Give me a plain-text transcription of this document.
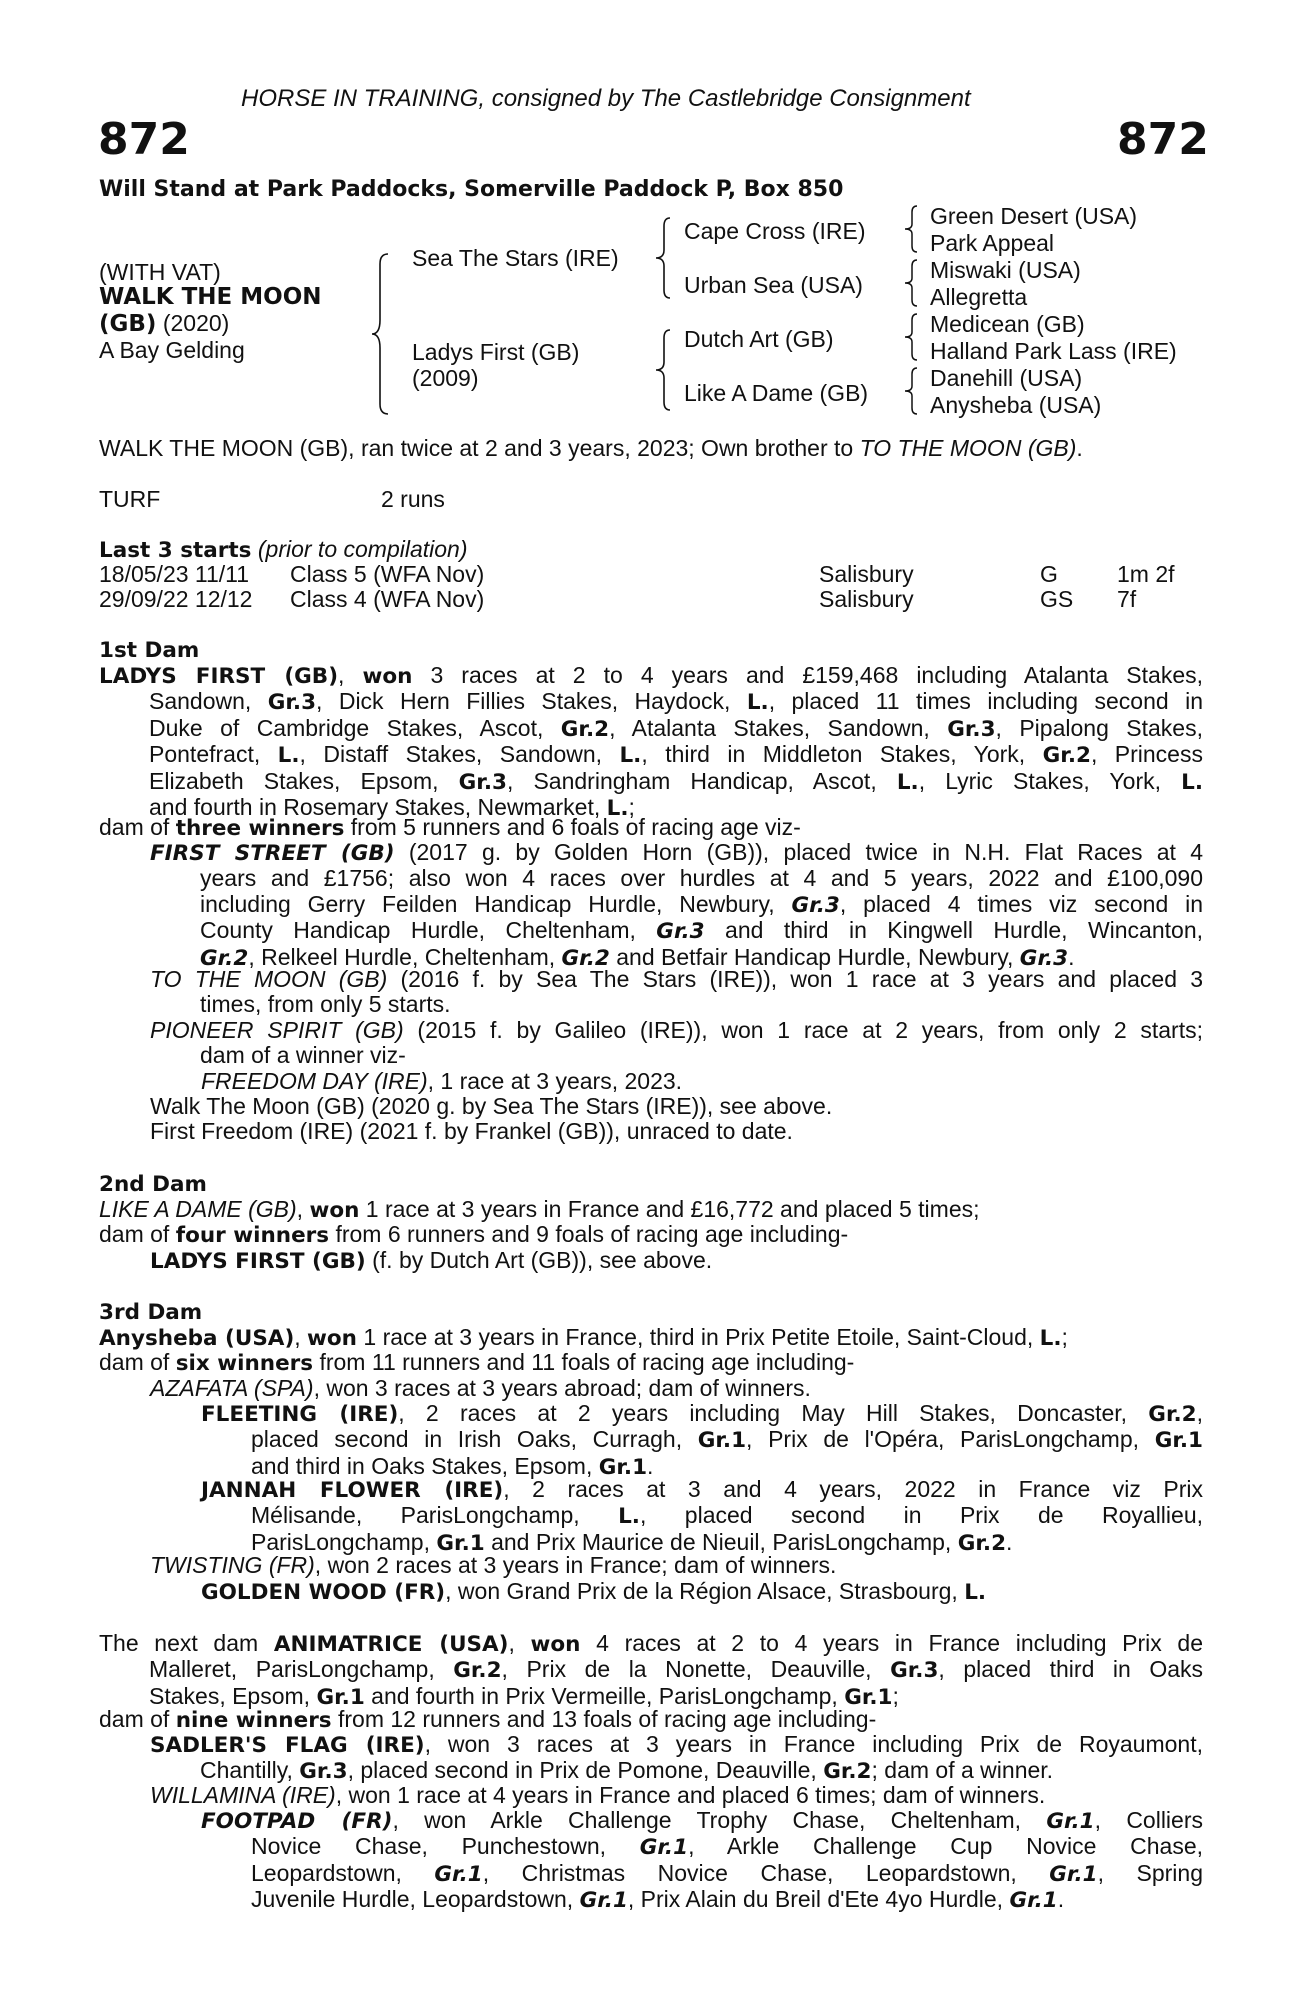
HORSE IN TRAINING, consigned by The Castlebridge Consignment
872	872
Will Stand at Park Paddocks, Somerville Paddock P, Box 850
(WITH VAT)
WALK THE MOON
(GB) (2020)
A Bay Gelding
Sea The Stars (IRE)
Ladys First (GB)
(2009)
Cape Cross (IRE)
Urban Sea (USA)
Dutch Art (GB)
Like A Dame (GB)
Green Desert (USA)
Park Appeal
Miswaki (USA)
Allegretta
Medicean (GB)
Halland Park Lass (IRE)
Danehill (USA)
Anysheba (USA)
WALK THE MOON (GB), ran twice at 2 and 3 years, 2023; Own brother to TO THE MOON (GB).
TURF	2 runs
Last 3 starts (prior to compilation)
18/05/23 11/11 Class 5 (WFA Nov)	Salisbury	G	1m 2f
29/09/22 12/12 Class 4 (WFA Nov)	Salisbury	GS 7f
1st Dam
LADYS FIRST (GB), won 3 races at 2 to 4 years and £159,468 including Atalanta Stakes,
Sandown, Gr.3, Dick Hern Fillies Stakes, Haydock, L., placed 11 times including second in
Duke of Cambridge Stakes, Ascot, Gr.2, Atalanta Stakes, Sandown, Gr.3, Pipalong Stakes,
Pontefract, L., Distaff Stakes, Sandown, L., third in Middleton Stakes, York, Gr.2, Princess
Elizabeth Stakes, Epsom, Gr.3, Sandringham Handicap, Ascot, L., Lyric Stakes, York, L.
and fourth in Rosemary Stakes, Newmarket, L.;
dam of three winners from 5 runners and 6 foals of racing age viz-
FIRST STREET (GB) (2017 g. by Golden Horn (GB)), placed twice in N.H. Flat Races at 4
years and £1756; also won 4 races over hurdles at 4 and 5 years, 2022 and £100,090
including Gerry Feilden Handicap Hurdle, Newbury, Gr.3, placed 4 times viz second in
County Handicap Hurdle, Cheltenham, Gr.3 and third in Kingwell Hurdle, Wincanton,
Gr.2, Relkeel Hurdle, Cheltenham, Gr.2 and Betfair Handicap Hurdle, Newbury, Gr.3.
TO THE MOON (GB) (2016 f. by Sea The Stars (IRE)), won 1 race at 3 years and placed 3
times, from only 5 starts.
PIONEER SPIRIT (GB) (2015 f. by Galileo (IRE)), won 1 race at 2 years, from only 2 starts;
dam of a winner viz-
FREEDOM DAY (IRE), 1 race at 3 years, 2023.
Walk The Moon (GB) (2020 g. by Sea The Stars (IRE)), see above.
First Freedom (IRE) (2021 f. by Frankel (GB)), unraced to date.
2nd Dam
LIKE A DAME (GB), won 1 race at 3 years in France and £16,772 and placed 5 times;
dam of four winners from 6 runners and 9 foals of racing age including-
LADYS FIRST (GB) (f. by Dutch Art (GB)), see above.
3rd Dam
Anysheba (USA), won 1 race at 3 years in France, third in Prix Petite Etoile, Saint-Cloud, L.;
dam of six winners from 11 runners and 11 foals of racing age including-
AZAFATA (SPA), won 3 races at 3 years abroad; dam of winners.
FLEETING (IRE), 2 races at 2 years including May Hill Stakes, Doncaster, Gr.2,
placed second in Irish Oaks, Curragh, Gr.1, Prix de l'Opéra, ParisLongchamp, Gr.1
and third in Oaks Stakes, Epsom, Gr.1.
JANNAH FLOWER (IRE), 2 races at 3 and 4 years, 2022 in France viz Prix
Mélisande, ParisLongchamp, L., placed second in Prix de Royallieu,
ParisLongchamp, Gr.1 and Prix Maurice de Nieuil, ParisLongchamp, Gr.2.
TWISTING (FR), won 2 races at 3 years in France; dam of winners.
GOLDEN WOOD (FR), won Grand Prix de la Région Alsace, Strasbourg, L.
The next dam ANIMATRICE (USA), won 4 races at 2 to 4 years in France including Prix de
Malleret, ParisLongchamp, Gr.2, Prix de la Nonette, Deauville, Gr.3, placed third in Oaks
Stakes, Epsom, Gr.1 and fourth in Prix Vermeille, ParisLongchamp, Gr.1;
dam of nine winners from 12 runners and 13 foals of racing age including-
SADLER'S FLAG (IRE), won 3 races at 3 years in France including Prix de Royaumont,
Chantilly, Gr.3, placed second in Prix de Pomone, Deauville, Gr.2; dam of a winner.
WILLAMINA (IRE), won 1 race at 4 years in France and placed 6 times; dam of winners.
FOOTPAD (FR), won Arkle Challenge Trophy Chase, Cheltenham, Gr.1, Colliers
Novice Chase, Punchestown, Gr.1, Arkle Challenge Cup Novice Chase,
Leopardstown, Gr.1, Christmas Novice Chase, Leopardstown, Gr.1, Spring
Juvenile Hurdle, Leopardstown, Gr.1, Prix Alain du Breil d'Ete 4yo Hurdle, Gr.1.
